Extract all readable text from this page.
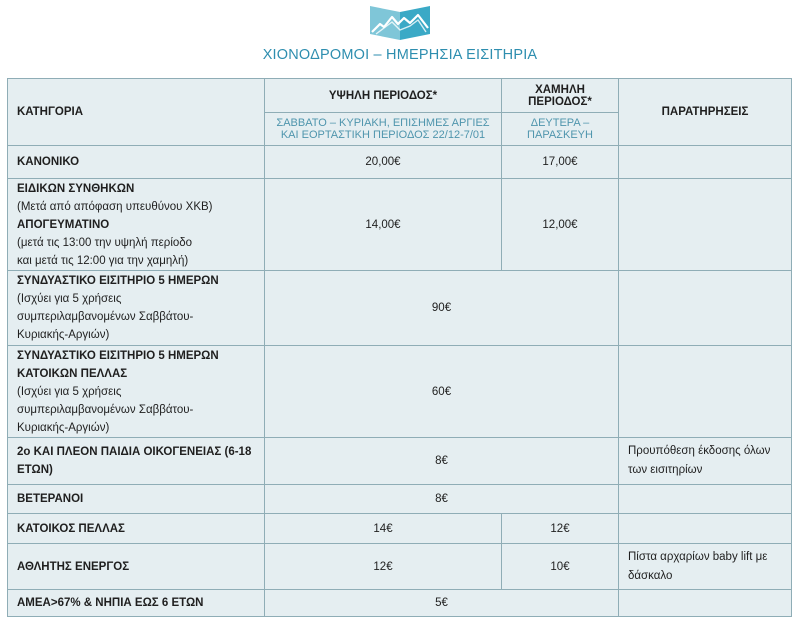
ΧΙΟΝΟΔΡΟΜΟΙ – ΗΜΕΡΗΣΙΑ ΕΙΣΙΤΗΡΙΑ
ΚΑΤΗΓΟΡΙΑ	ΥΨΗΛΗ ΠΕΡΙΟΔΟΣ*	ΧΑΜΗΛΗ ΠΕΡΙΟΔΟΣ*	ΠΑΡΑΤΗΡΗΣΕΙΣ
	ΣΑΒΒΑΤΟ – ΚΥΡΙΑΚΗ, ΕΠΙΣΗΜΕΣ ΑΡΓΙΕΣ ΚΑΙ ΕΟΡΤΑΣΤΙΚΗ ΠΕΡΙΟΔΟΣ 22/12-7/01	ΔΕΥΤΕΡΑ – ΠΑΡΑΣΚΕΥΗ	
ΚΑΝΟΝΙΚΟ	20,00€	17,00€	
ΕΙΔΙΚΩΝ ΣΥΝΘΗΚΩΝ
(Μετά από απόφαση υπευθύνου ΧΚΒ)
ΑΠΟΓΕΥΜΑΤΙΝΟ
(μετά τις 13:00 την υψηλή περίοδο
και μετά τις 12:00 για την χαμηλή)	14,00€	12,00€	
ΣΥΝΔΥΑΣΤΙΚΟ ΕΙΣΙΤΗΡΙΟ 5 ΗΜΕΡΩΝ
(Ισχύει για 5 χρήσεις
συμπεριλαμβανομένων Σαββάτου-
Κυριακής-Αργιών)	90€		
ΣΥΝΔΥΑΣΤΙΚΟ ΕΙΣΙΤΗΡΙΟ 5 ΗΜΕΡΩΝ
ΚΑΤΟΙΚΩΝ ΠΕΛΛΑΣ
(Ισχύει για 5 χρήσεις
συμπεριλαμβανομένων Σαββάτου-
Κυριακής-Αργιών)	60€		
2ο ΚΑΙ ΠΛΕΟΝ ΠΑΙΔΙΑ ΟΙΚΟΓΕΝΕΙΑΣ (6-18 ΕΤΩΝ)	8€		Προυπόθεση έκδοσης όλων των εισιτηρίων
ΒΕΤΕΡΑΝΟΙ	8€		
ΚΑΤΟΙΚΟΣ ΠΕΛΛΑΣ	14€	12€	
ΑΘΛΗΤΗΣ ΕΝΕΡΓΟΣ	12€	10€	Πίστα αρχαρίων baby lift με δάσκαλο
ΑΜΕΑ>67% & ΝΗΠΙΑ ΕΩΣ 6 ΕΤΩΝ	5€		
